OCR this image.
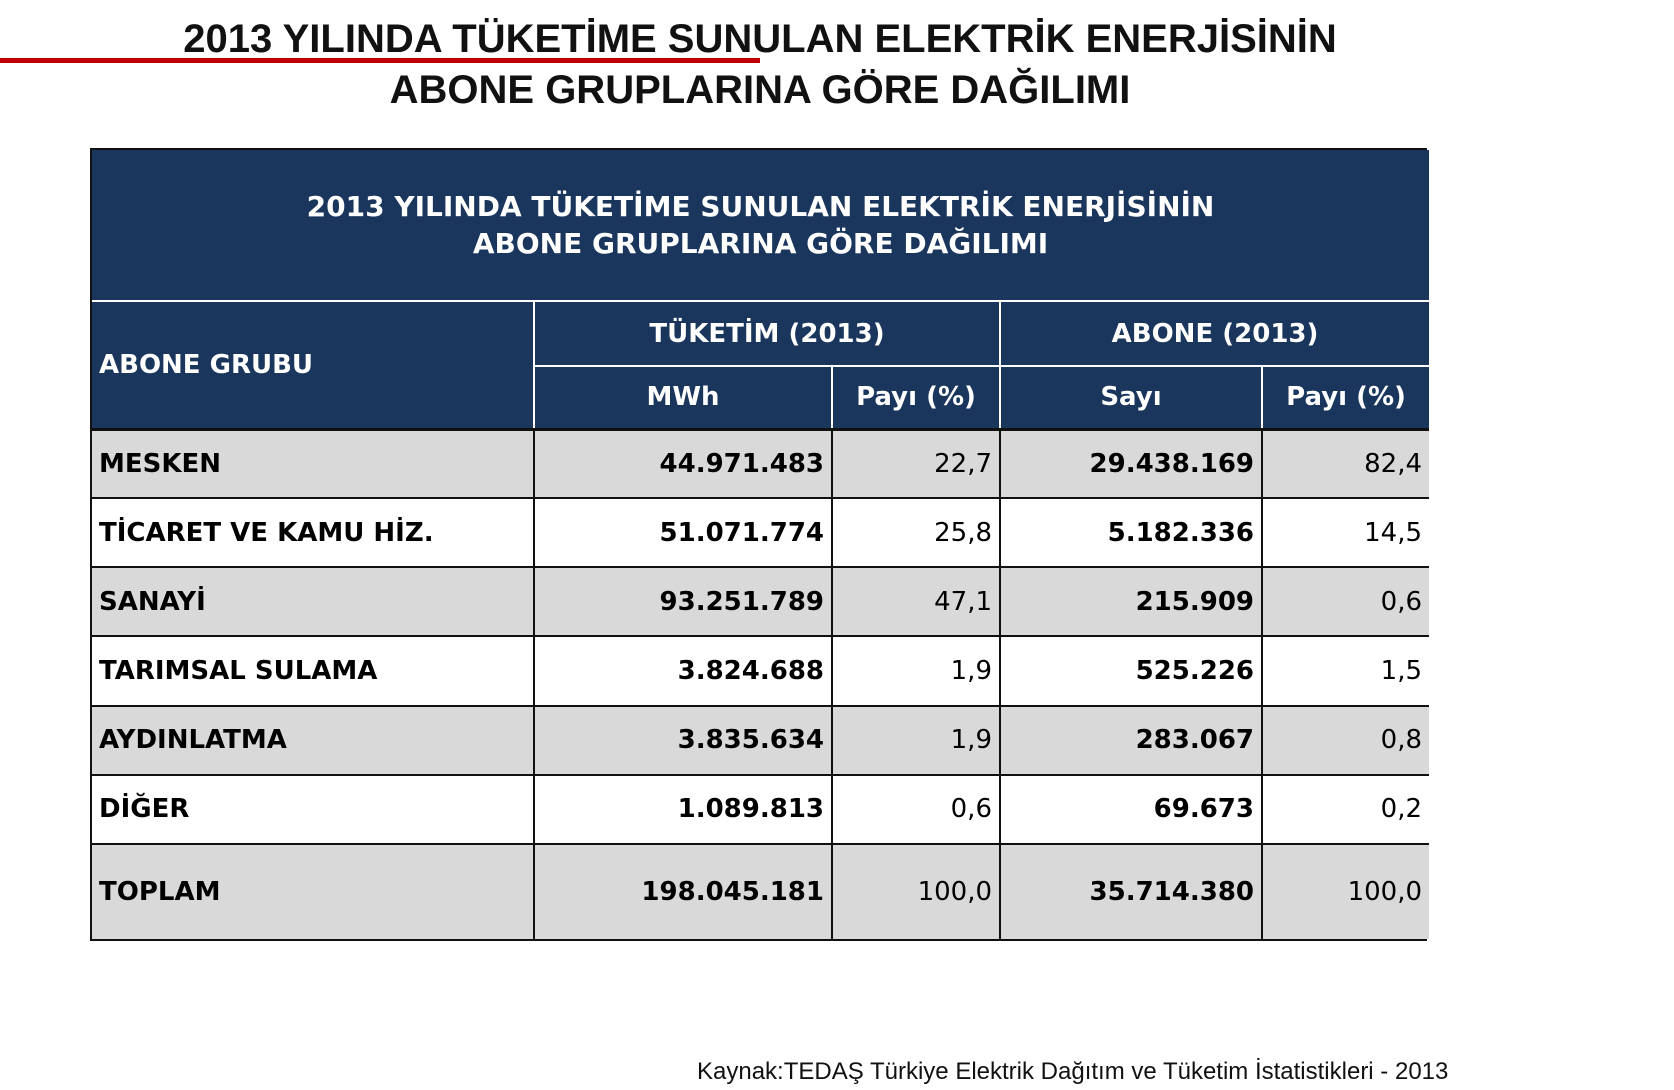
2013 YILINDA TÜKETİME SUNULAN ELEKTRİK ENERJİSİNİN
ABONE GRUPLARINA GÖRE DAĞILIMI
2013 YILINDA TÜKETİME SUNULAN ELEKTRİK ENERJİSİNİN
ABONE GRUPLARINA GÖRE DAĞILIMI				

ABONE GRUBU	TÜKETİM (2013)		ABONE (2013)	
	MWh	Payı (%)	Sayı	Payı (%)
MESKEN	44.971.483	22,7	29.438.169	82,4
TİCARET VE KAMU HİZ.	51.071.774	25,8	5.182.336	14,5
SANAYİ	93.251.789	47,1	215.909	0,6
TARIMSAL SULAMA	3.824.688	1,9	525.226	1,5
AYDINLATMA	3.835.634	1,9	283.067	0,8
DİĞER	1.089.813	0,6	69.673	0,2
TOPLAM	198.045.181	100,0	35.714.380	100,0
Kaynak:TEDAŞ Türkiye Elektrik Dağıtım ve Tüketim İstatistikleri - 2013
